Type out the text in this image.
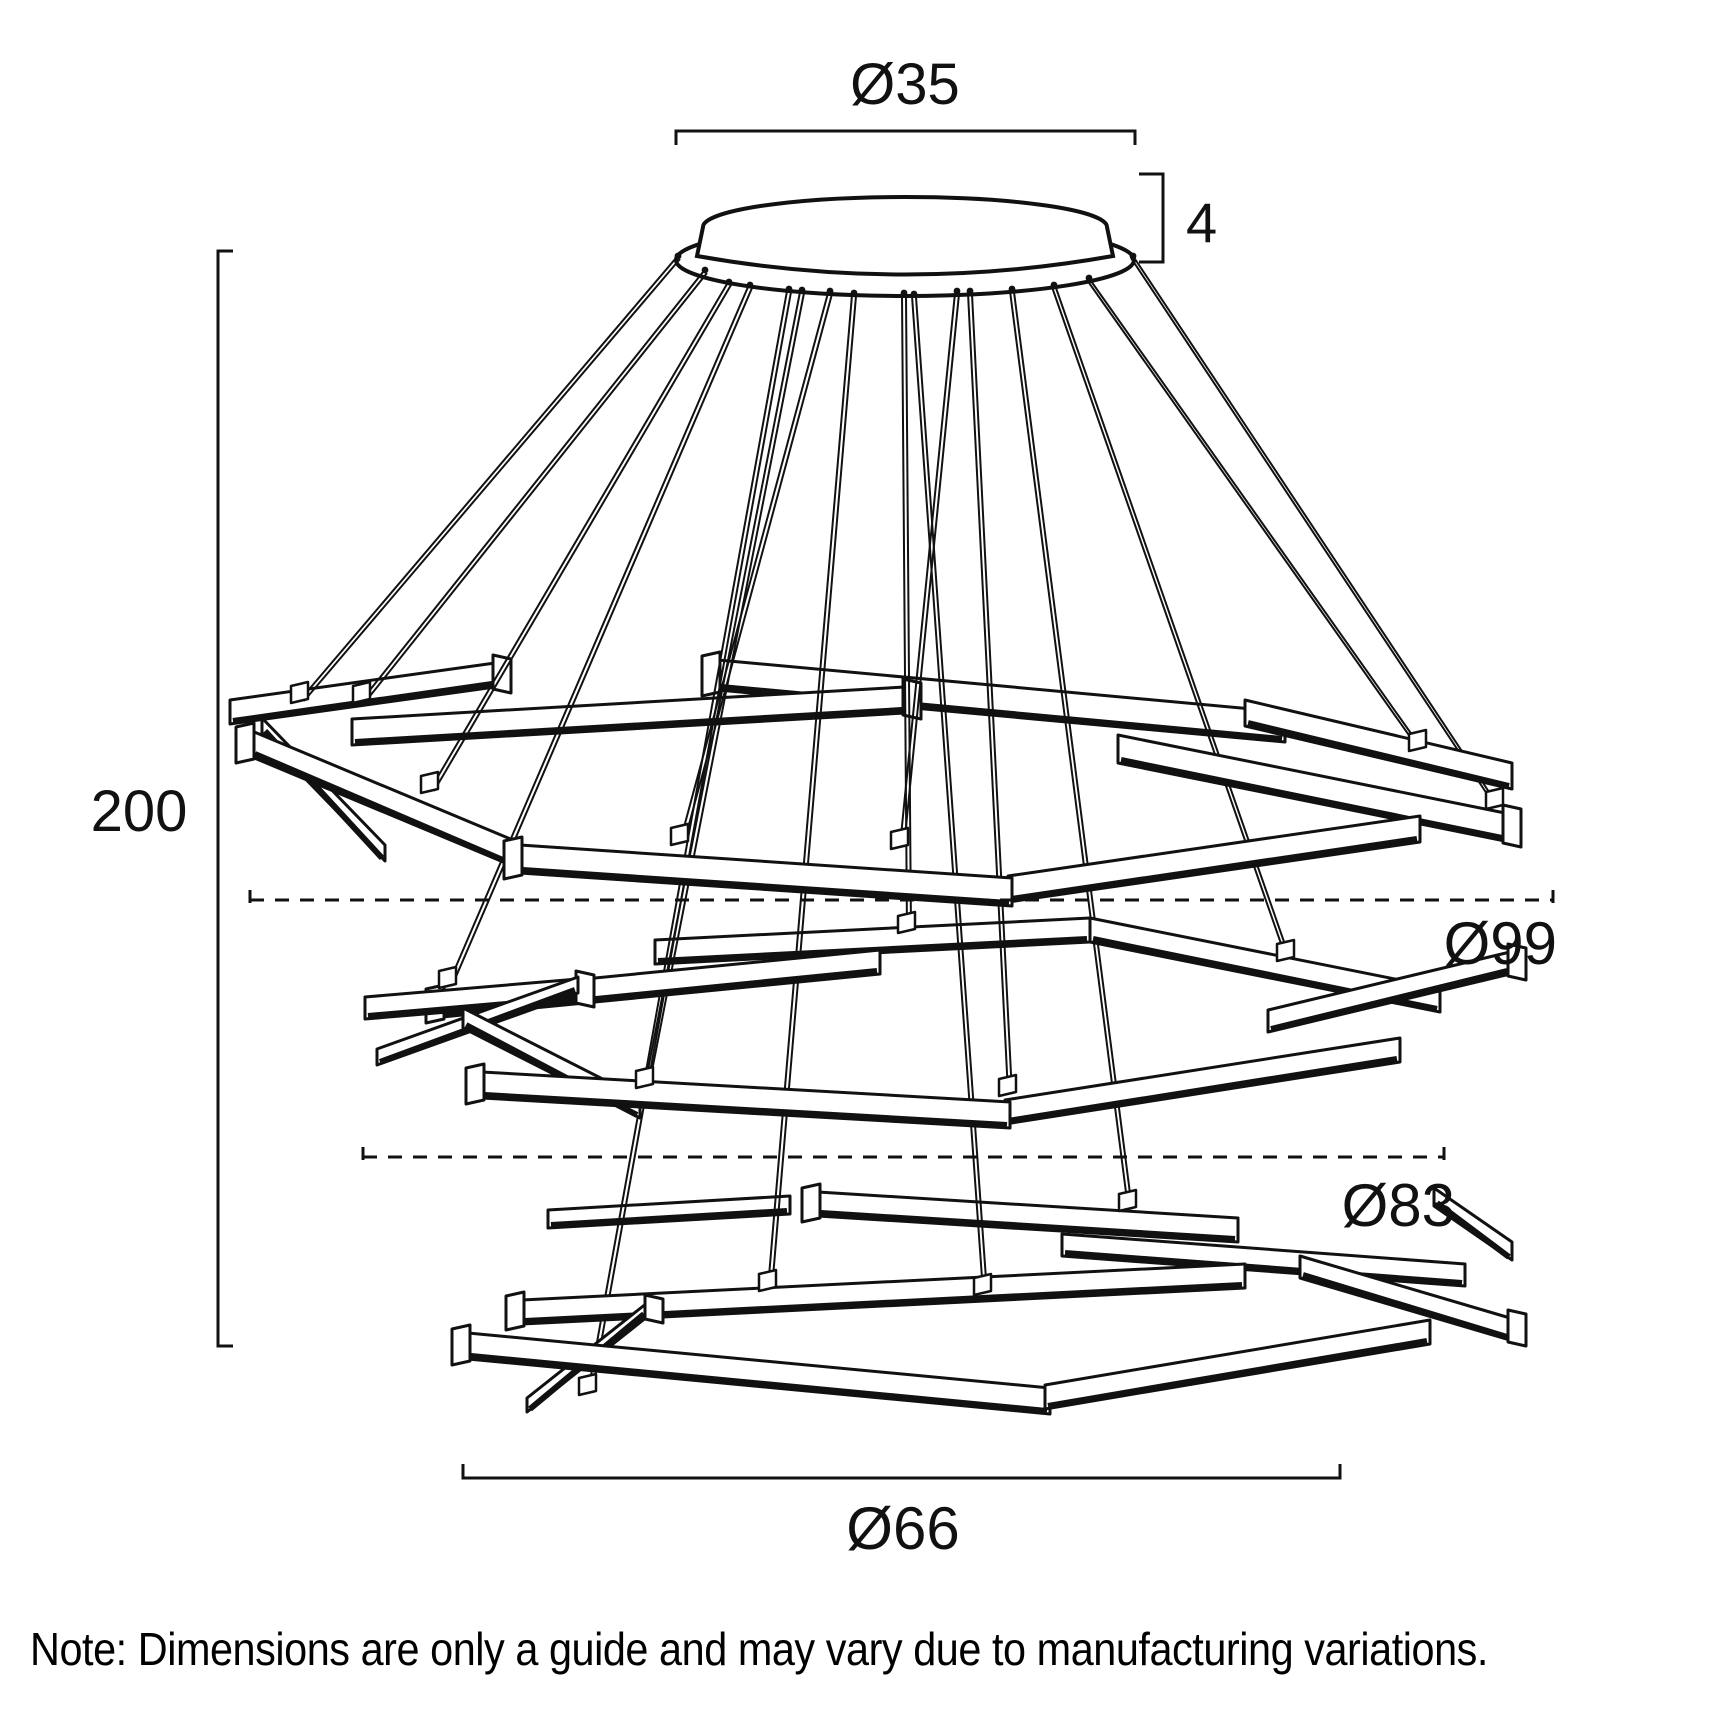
Ø35
4
200
Ø99
Ø83
Ø66
Note: Dimensions are only a guide and may vary due to manufacturing variations.
